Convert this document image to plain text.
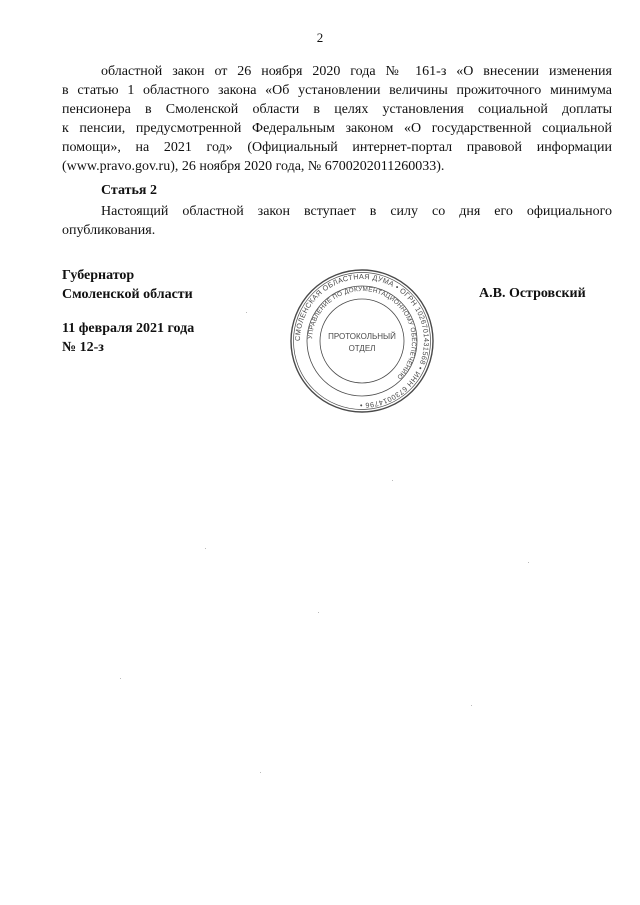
2
областной закон от 26 ноября 2020 года № 161-з «О внесении изменения
в статью 1 областного закона «Об установлении величины прожиточного минимума
пенсионера в Смоленской области в целях установления социальной доплаты
к пенсии, предусмотренной Федеральным законом «О государственной социальной
помощи», на 2021 год» (Официальный интернет-портал правовой информации
(www.pravo.gov.ru), 26 ноября 2020 года, № 6700202011260033).
Статья 2
Настоящий областной закон вступает в силу со дня его официального
опубликования.
Губернатор
Смоленской области
11 февраля 2021 года
№ 12-з
А.В. Островский
СМОЛЕНСКАЯ ОБЛАСТНАЯ ДУМА • ОГРН 1026701431568 • ИНН 6730014796 •
УПРАВЛЕНИЕ ПО ДОКУМЕНТАЦИОННОМУ ОБЕСПЕЧЕНИЮ
ПРОТОКОЛЬНЫЙ
ОТДЕЛ
